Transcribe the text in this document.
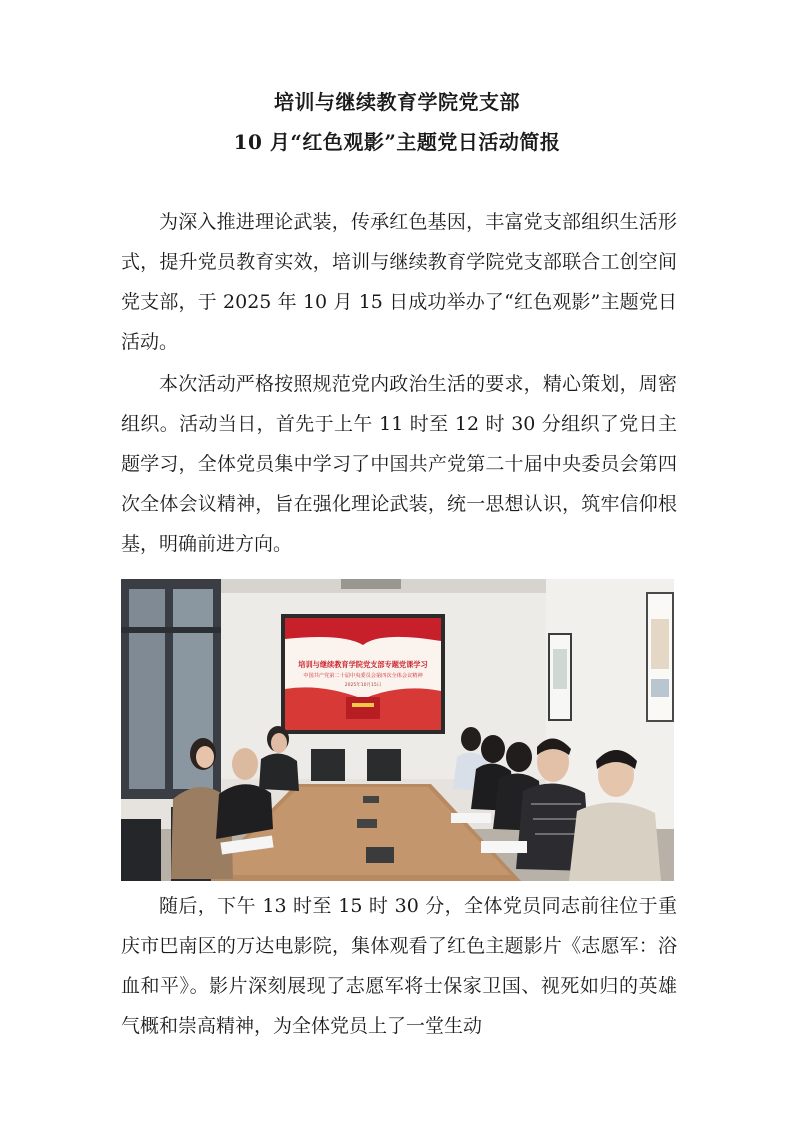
培训与继续教育学院党支部
10 月“红色观影”主题党日活动简报

为深入推进理论武装，传承红色基因，丰富党支部组织生活形式，提升党员教育实效，培训与继续教育学院党支部联合工创空间党支部，于 2025 年 10 月 15 日成功举办了“红色观影”主题党日活动。

本次活动严格按照规范党内政治生活的要求，精心策划，周密组织。活动当日，首先于上午 11 时至 12 时 30 分组织了党日主题学习，全体党员集中学习了中国共产党第二十届中央委员会第四次全体会议精神，旨在强化理论武装，统一思想认识，筑牢信仰根基，明确前进方向。

培训与继续教育学院党支部专题党课学习
中国共产党第二十届中央委员会第四次全体会议精神
2025年10月15日

随后，下午 13 时至 15 时 30 分，全体党员同志前往位于重庆市巴南区的万达电影院，集体观看了红色主题影片《志愿军：浴血和平》。影片深刻展现了志愿军将士保家卫国、视死如归的英雄气概和崇高精神，为全体党员上了一堂生动
